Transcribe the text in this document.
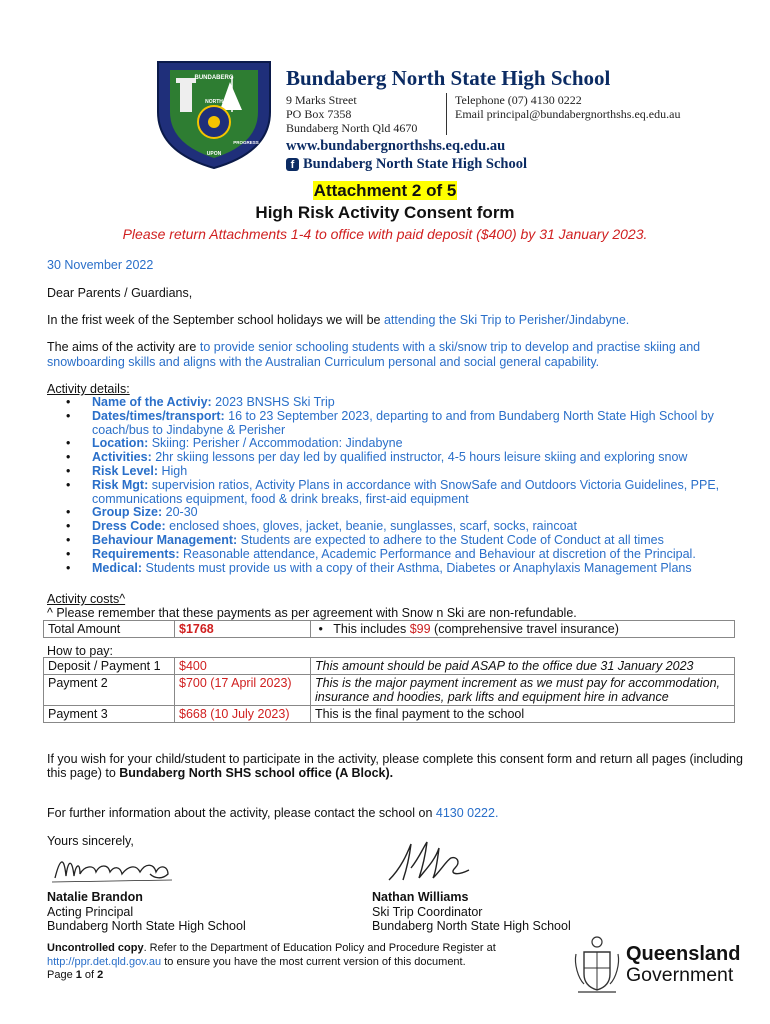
BUNDABERG
NORTH
UPON
PROGRESS
Bundaberg North State High School
9 Marks Street
PO Box 7358
Bundaberg North Qld 4670
Telephone (07) 4130 0222
Email principal@bundabergnorthshs.eq.edu.au
www.bundabergnorthshs.eq.edu.au
f Bundaberg North State High School
Attachment 2 of 5
High Risk Activity Consent form
Please return Attachments 1-4 to office with paid deposit ($400) by 31 January 2023.
30 November 2022
Dear Parents / Guardians,
In the frist week of the September school holidays we will be attending the Ski Trip to Perisher/Jindabyne.
The aims of the activity are to provide senior schooling students with a ski/snow trip to develop and practise skiing and snowboarding skills and aligns with the Australian Curriculum personal and social general capability.
Activity details:
• Name of the Activiy: 2023 BNSHS Ski Trip
• Dates/times/transport: 16 to 23 September 2023, departing to and from Bundaberg North State High School by coach/bus to Jindabyne & Perisher
• Location: Skiing: Perisher / Accommodation: Jindabyne
• Activities: 2hr skiing lessons per day led by qualified instructor, 4-5 hours leisure skiing and exploring snow
• Risk Level: High
• Risk Mgt: supervision ratios, Activity Plans in accordance with SnowSafe and Outdoors Victoria Guidelines, PPE, communications equipment, food & drink breaks, first-aid equipment
• Group Size: 20-30
• Dress Code: enclosed shoes, gloves, jacket, beanie, sunglasses, scarf, socks, raincoat
• Behaviour Management: Students are expected to adhere to the Student Code of Conduct at all times
• Requirements: Reasonable attendance, Academic Performance and Behaviour at discretion of the Principal.
• Medical: Students must provide us with a copy of their Asthma, Diabetes or Anaphylaxis Management Plans
Activity costs^
^ Please remember that these payments as per agreement with Snow n Ski are non-refundable.
Total Amount	$1768	•   This includes $99 (comprehensive travel insurance)
How to pay:
Deposit / Payment 1	$400	This amount should be paid ASAP to the office due 31 January 2023
Payment 2	$700 (17 April 2023)	This is the major payment increment as we must pay for accommodation, insurance and hoodies, park lifts and equipment hire in advance
Payment 3	$668 (10 July 2023)	This is the final payment to the school
If you wish for your child/student to participate in the activity, please complete this consent form and return all pages (including this page) to Bundaberg North SHS school office (A Block).
For further information about the activity, please contact the school on 4130 0222.
Yours sincerely,
Natalie Brandon
Acting Principal
Bundaberg North State High School
Nathan Williams
Ski Trip Coordinator
Bundaberg North State High School
Uncontrolled copy. Refer to the Department of Education Policy and Procedure Register at
http://ppr.det.qld.gov.au to ensure you have the most current version of this document.
Page 1 of 2
Queensland
Government
